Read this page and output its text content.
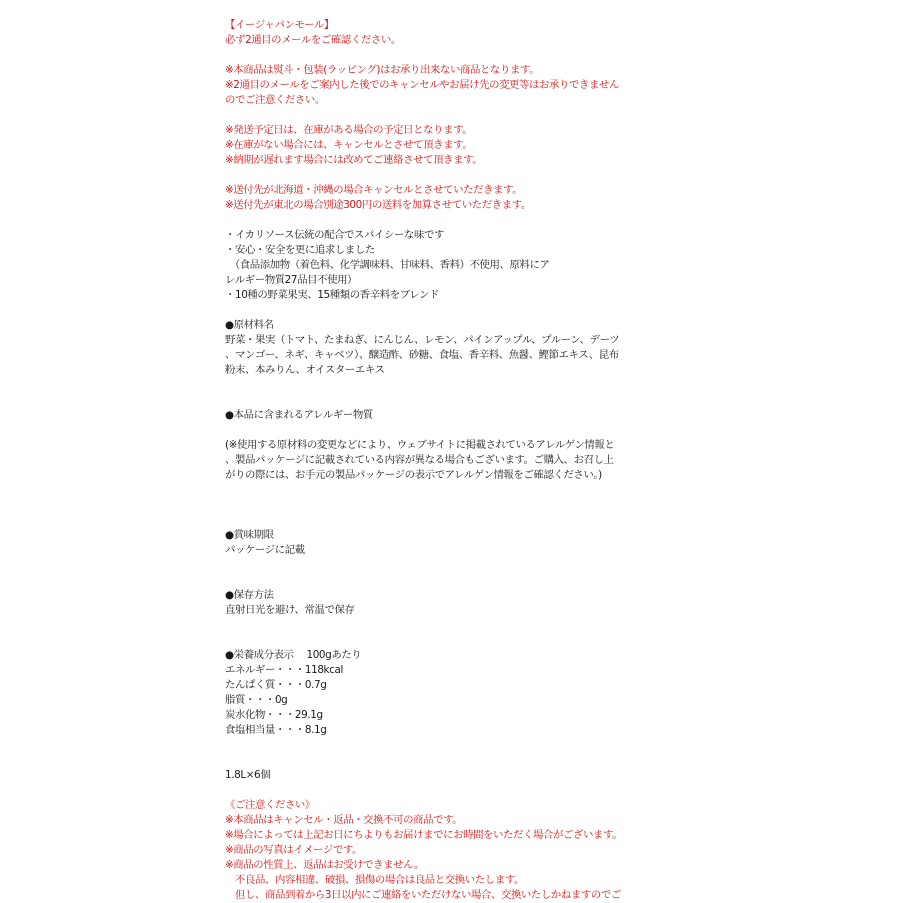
【イージャパンモール】
必ず2通目のメールをご確認ください。
※本商品は熨斗・包装(ラッピング)はお承り出来ない商品となります。
※2通目のメールをご案内した後でのキャンセルやお届け先の変更等はお承りできません
のでご注意ください。
※発送予定日は、在庫がある場合の予定日となります。
※在庫がない場合には、キャンセルとさせて頂きます。
※納期が遅れます場合には改めてご連絡させて頂きます。
※送付先が北海道・沖縄の場合キャンセルとさせていただきます。
※送付先が東北の場合別途300円の送料を加算させていただきます。
・イカリソース伝統の配合でスパイシーな味です
・安心・安全を更に追求しました
　（食品添加物（着色料、化学調味料、甘味料、香料）不使用、原料にア
レルギー物質27品目不使用）
・10種の野菜果実、15種類の香辛料をブレンド
●原材料名
野菜・果実（トマト、たまねぎ、にんじん、レモン、パインアップル、プルーン、デーツ
、マンゴー、ネギ、キャベツ）、醸造酢、砂糖、食塩、香辛料、魚醤、鰹節エキス、昆布
粉末、本みりん、オイスターエキス
●本品に含まれるアレルギー物質
(※使用する原材料の変更などにより、ウェブサイトに掲載されているアレルゲン情報と
、製品パッケージに記載されている内容が異なる場合もございます。ご購入、お召し上
がりの際には、お手元の製品パッケージの表示でアレルゲン情報をご確認ください。)
●賞味期限
パッケージに記載
●保存方法
直射日光を避け、常温で保存
●栄養成分表示　 100gあたり
エネルギー・・・118kcal
たんぱく質・・・0.7g
脂質・・・0g
炭水化物・・・29.1g
食塩相当量・・・8.1g
1.8L×6個
《ご注意ください》
※本商品はキャンセル・返品・交換不可の商品です。
※場合によっては上記お日にちよりもお届けまでにお時間をいただく場合がございます。
※商品の写真はイメージです。
※商品の性質上、返品はお受けできません。
　不良品、内容相違、破損、損傷の場合は良品と交換いたします。
　但し、商品到着から3日以内にご連絡をいただけない場合、交換いたしかねますのでご
